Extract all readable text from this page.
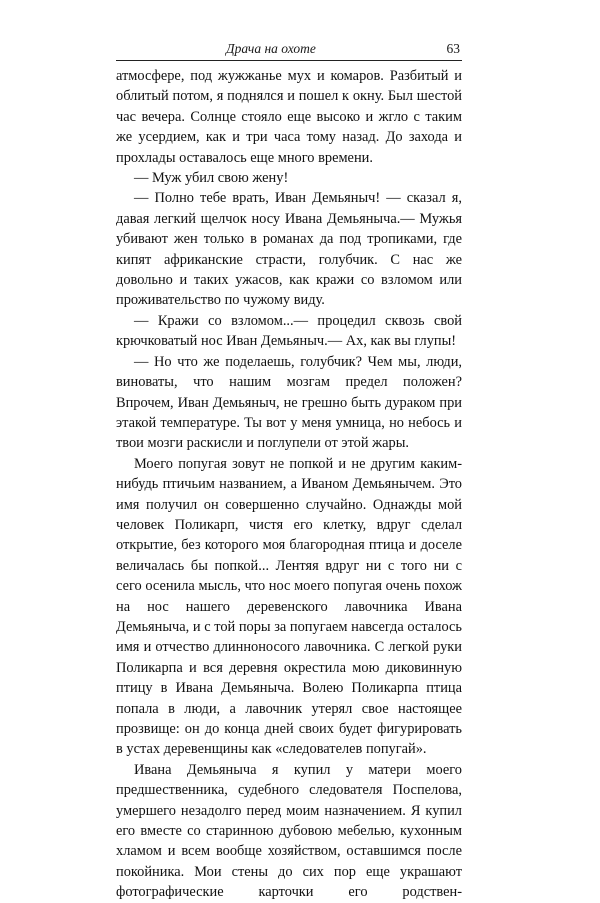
Драча на охоте	63

атмосфере, под жужжанье мух и комаров. Разбитый и облитый потом, я поднялся и пошел к окну. Был шестой час вечера. Солнце стояло еще высоко и жгло с таким же усердием, как и три часа тому назад. До захода и прохлады оставалось еще много времени.

— Муж убил свою жену!

— Полно тебе врать, Иван Демьяныч! — сказал я, давая легкий щелчок носу Ивана Демьяныча.— Мужья убивают жен только в романах да под тропиками, где кипят африканские страсти, голубчик. С нас же довольно и таких ужасов, как кражи со взломом или проживательство по чужому виду.

— Кражи со взломом...— процедил сквозь свой крючковатый нос Иван Демьяныч.— Ах, как вы глупы!

— Но что же поделаешь, голубчик? Чем мы, люди, виноваты, что нашим мозгам предел положен? Впрочем, Иван Демьяныч, не грешно быть дураком при этакой температуре. Ты вот у меня умница, но небось и твои мозги раскисли и поглупели от этой жары.

Моего попугая зовут не попкой и не другим каким-нибудь птичьим названием, а Иваном Демьянычем. Это имя получил он совершенно случайно. Однажды мой человек Поликарп, чистя его клетку, вдруг сделал открытие, без которого моя благородная птица и доселе величалась бы попкой... Лентяя вдруг ни с того ни с сего осенила мысль, что нос моего попугая очень похож на нос нашего деревенского лавочника Ивана Демьяныча, и с той поры за попугаем навсегда осталось имя и отчество длинноносого лавочника. С легкой руки Поликарпа и вся деревня окрестила мою диковинную птицу в Ивана Демьяныча. Волею Поликарпа птица попала в люди, а лавочник утерял свое настоящее прозвище: он до конца дней своих будет фигурировать в устах деревенщины как «следователев попугай».

Ивана Демьяныча я купил у матери моего предшественника, судебного следователя Поспелова, умершего незадолго перед моим назначением. Я купил его вместе со старинною дубовою мебелью, кухонным хламом и всем вообще хозяйством, оставшимся после покойника. Мои стены до сих пор еще украшают фотографические карточки его родствен-
